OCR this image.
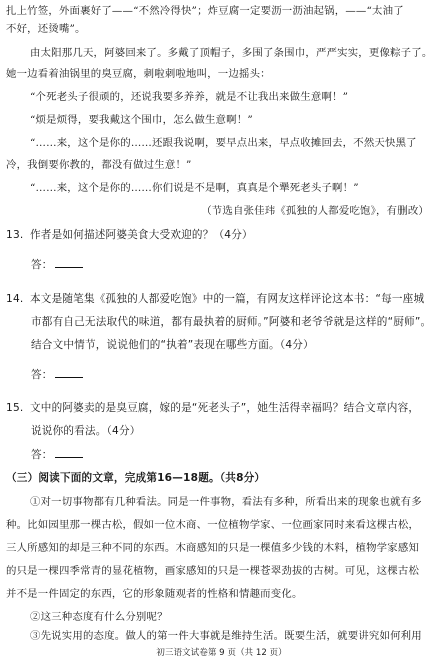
扎上竹签，外面裹好了——“不然冷得快”；炸豆腐一定要沥一沥油起锅，——“太油了
不好，还烫嘴”。
由太阳那几天，阿婆回来了。多戴了顶帽子，多围了条围巾，严严实实，更像粽子了。
她一边看着油锅里的臭豆腐，刺啦刺啦地叫，一边摇头：
“个死老头子很顽的，还说我要多养养，就是不让我出来做生意啊！”
“烦是烦得，要我戴这个围巾，怎么做生意啊！”
“……来，这个是你的……还跟我说啊，要早点出来，早点收摊回去，不然天快黑了
冷，我倒要你教的，都没有做过生意！”
“……来，这个是你的……你们说是不是啊，真真是个犟死老头子啊！”
（节选自张佳玮《孤独的人都爱吃饱》，有删改）
13. 作者是如何描述阿婆美食大受欢迎的？（4分）
答：
14. 本文是随笔集《孤独的人都爱吃饱》中的一篇，有网友这样评论这本书：“每一座城
市都有自己无法取代的味道，都有最执着的厨师。”阿婆和老爷爷就是这样的“厨师”。
结合文中情节，说说他们的“执着”表现在哪些方面。（4分）
答：
15. 文中的阿婆卖的是臭豆腐，嫁的是“死老头子”，她生活得幸福吗？结合文章内容，
说说你的看法。（4分）
答：
（三）阅读下面的文章，完成第16—18题。（共8分）
①对一切事物都有几种看法。同是一件事物，看法有多种，所看出来的现象也就有多
种。比如园里那一棵古松，假如一位木商、一位植物学家、一位画家同时来看这棵古松，
三人所感知的却是三种不同的东西。木商感知的只是一棵值多少钱的木料，植物学家感知
的只是一棵四季常青的显花植物，画家感知的只是一棵苍翠劲拔的古树。可见，这棵古松
并不是一件固定的东西，它的形象随观者的性格和情趣而变化。
②这三种态度有什么分别呢？
③先说实用的态度。做人的第一件大事就是维持生活。既要生活，就要讲究如何利用
初三语文试卷第 9 页（共 12 页）
